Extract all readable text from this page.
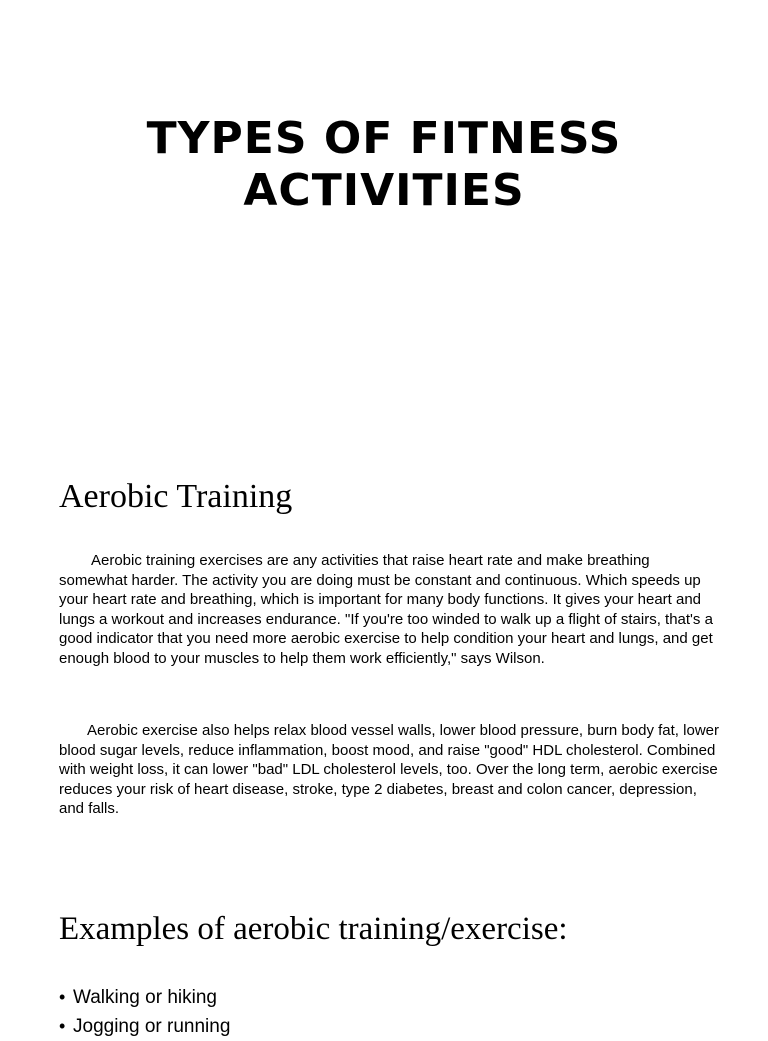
TYPES OF FITNESS
ACTIVITIES
Aerobic Training

Aerobic training exercises are any activities that raise heart rate and make breathing somewhat harder. The activity you are doing must be constant and continuous. Which speeds up your heart rate and breathing, which is important for many body functions. It gives your heart and lungs a workout and increases endurance. "If you're too winded to walk up a flight of stairs, that's a good indicator that you need more aerobic exercise to help condition your heart and lungs, and get enough blood to your muscles to help them work efficiently," says Wilson.

Aerobic exercise also helps relax blood vessel walls, lower blood pressure, burn body fat, lower blood sugar levels, reduce inflammation, boost mood, and raise "good" HDL cholesterol. Combined with weight loss, it can lower "bad" LDL cholesterol levels, too. Over the long term, aerobic exercise reduces your risk of heart disease, stroke, type 2 diabetes, breast and colon cancer, depression, and falls.

Examples of aerobic training/exercise:
• Walking or hiking
• Jogging or running
